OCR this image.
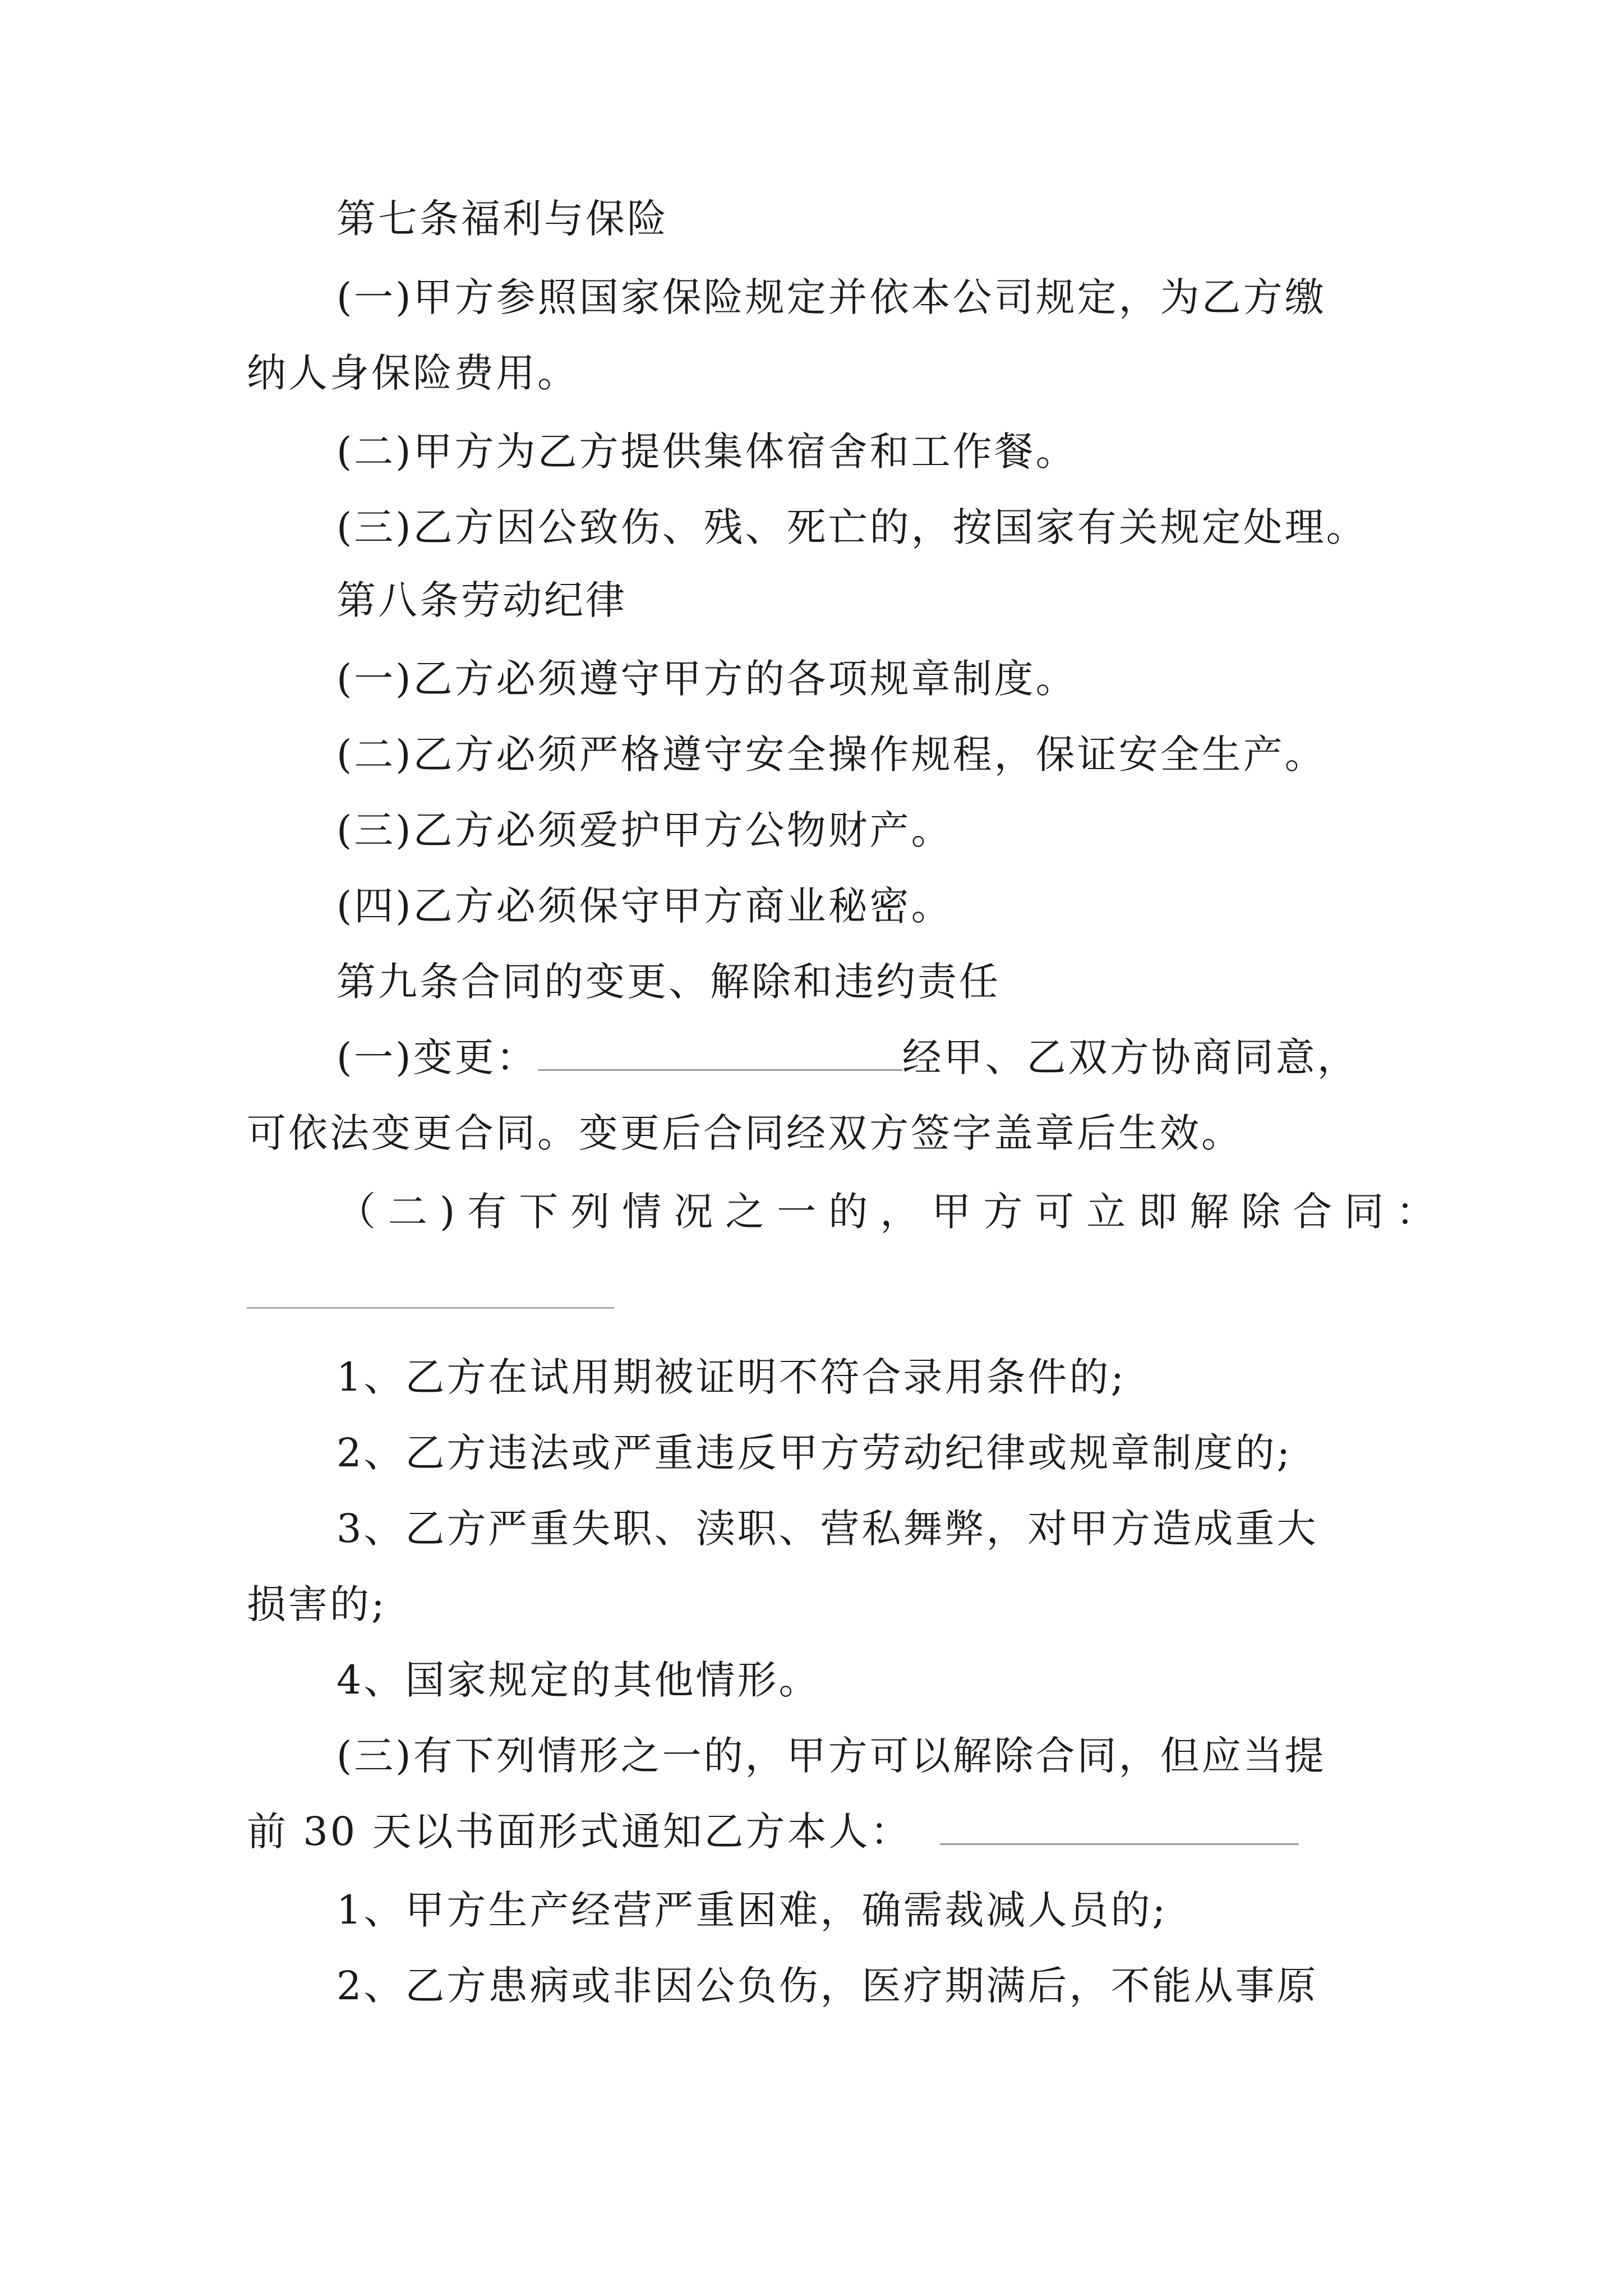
第七条福利与保险

(一)甲方参照国家保险规定并依本公司规定，为乙方缴

纳人身保险费用。

(二)甲方为乙方提供集体宿舍和工作餐。

(三)乙方因公致伤、残、死亡的，按国家有关规定处理。

第八条劳动纪律

(一)乙方必须遵守甲方的各项规章制度。

(二)乙方必须严格遵守安全操作规程，保证安全生产。

(三)乙方必须爱护甲方公物财产。

(四)乙方必须保守甲方商业秘密。

第九条合同的变更、解除和违约责任

(一)变更：	经甲、乙双方协商同意，

可依法变更合同。变更后合同经双方签字盖章后生效。

（二)有下列情况之一的，甲方可立即解除合同：

1、乙方在试用期被证明不符合录用条件的;

2、乙方违法或严重违反甲方劳动纪律或规章制度的;

3、乙方严重失职、渎职、营私舞弊，对甲方造成重大

损害的;

4、国家规定的其他情形。

(三)有下列情形之一的，甲方可以解除合同，但应当提

前 30 天以书面形式通知乙方本人：

1、甲方生产经营严重困难，确需裁减人员的;

2、乙方患病或非因公负伤，医疗期满后，不能从事原
